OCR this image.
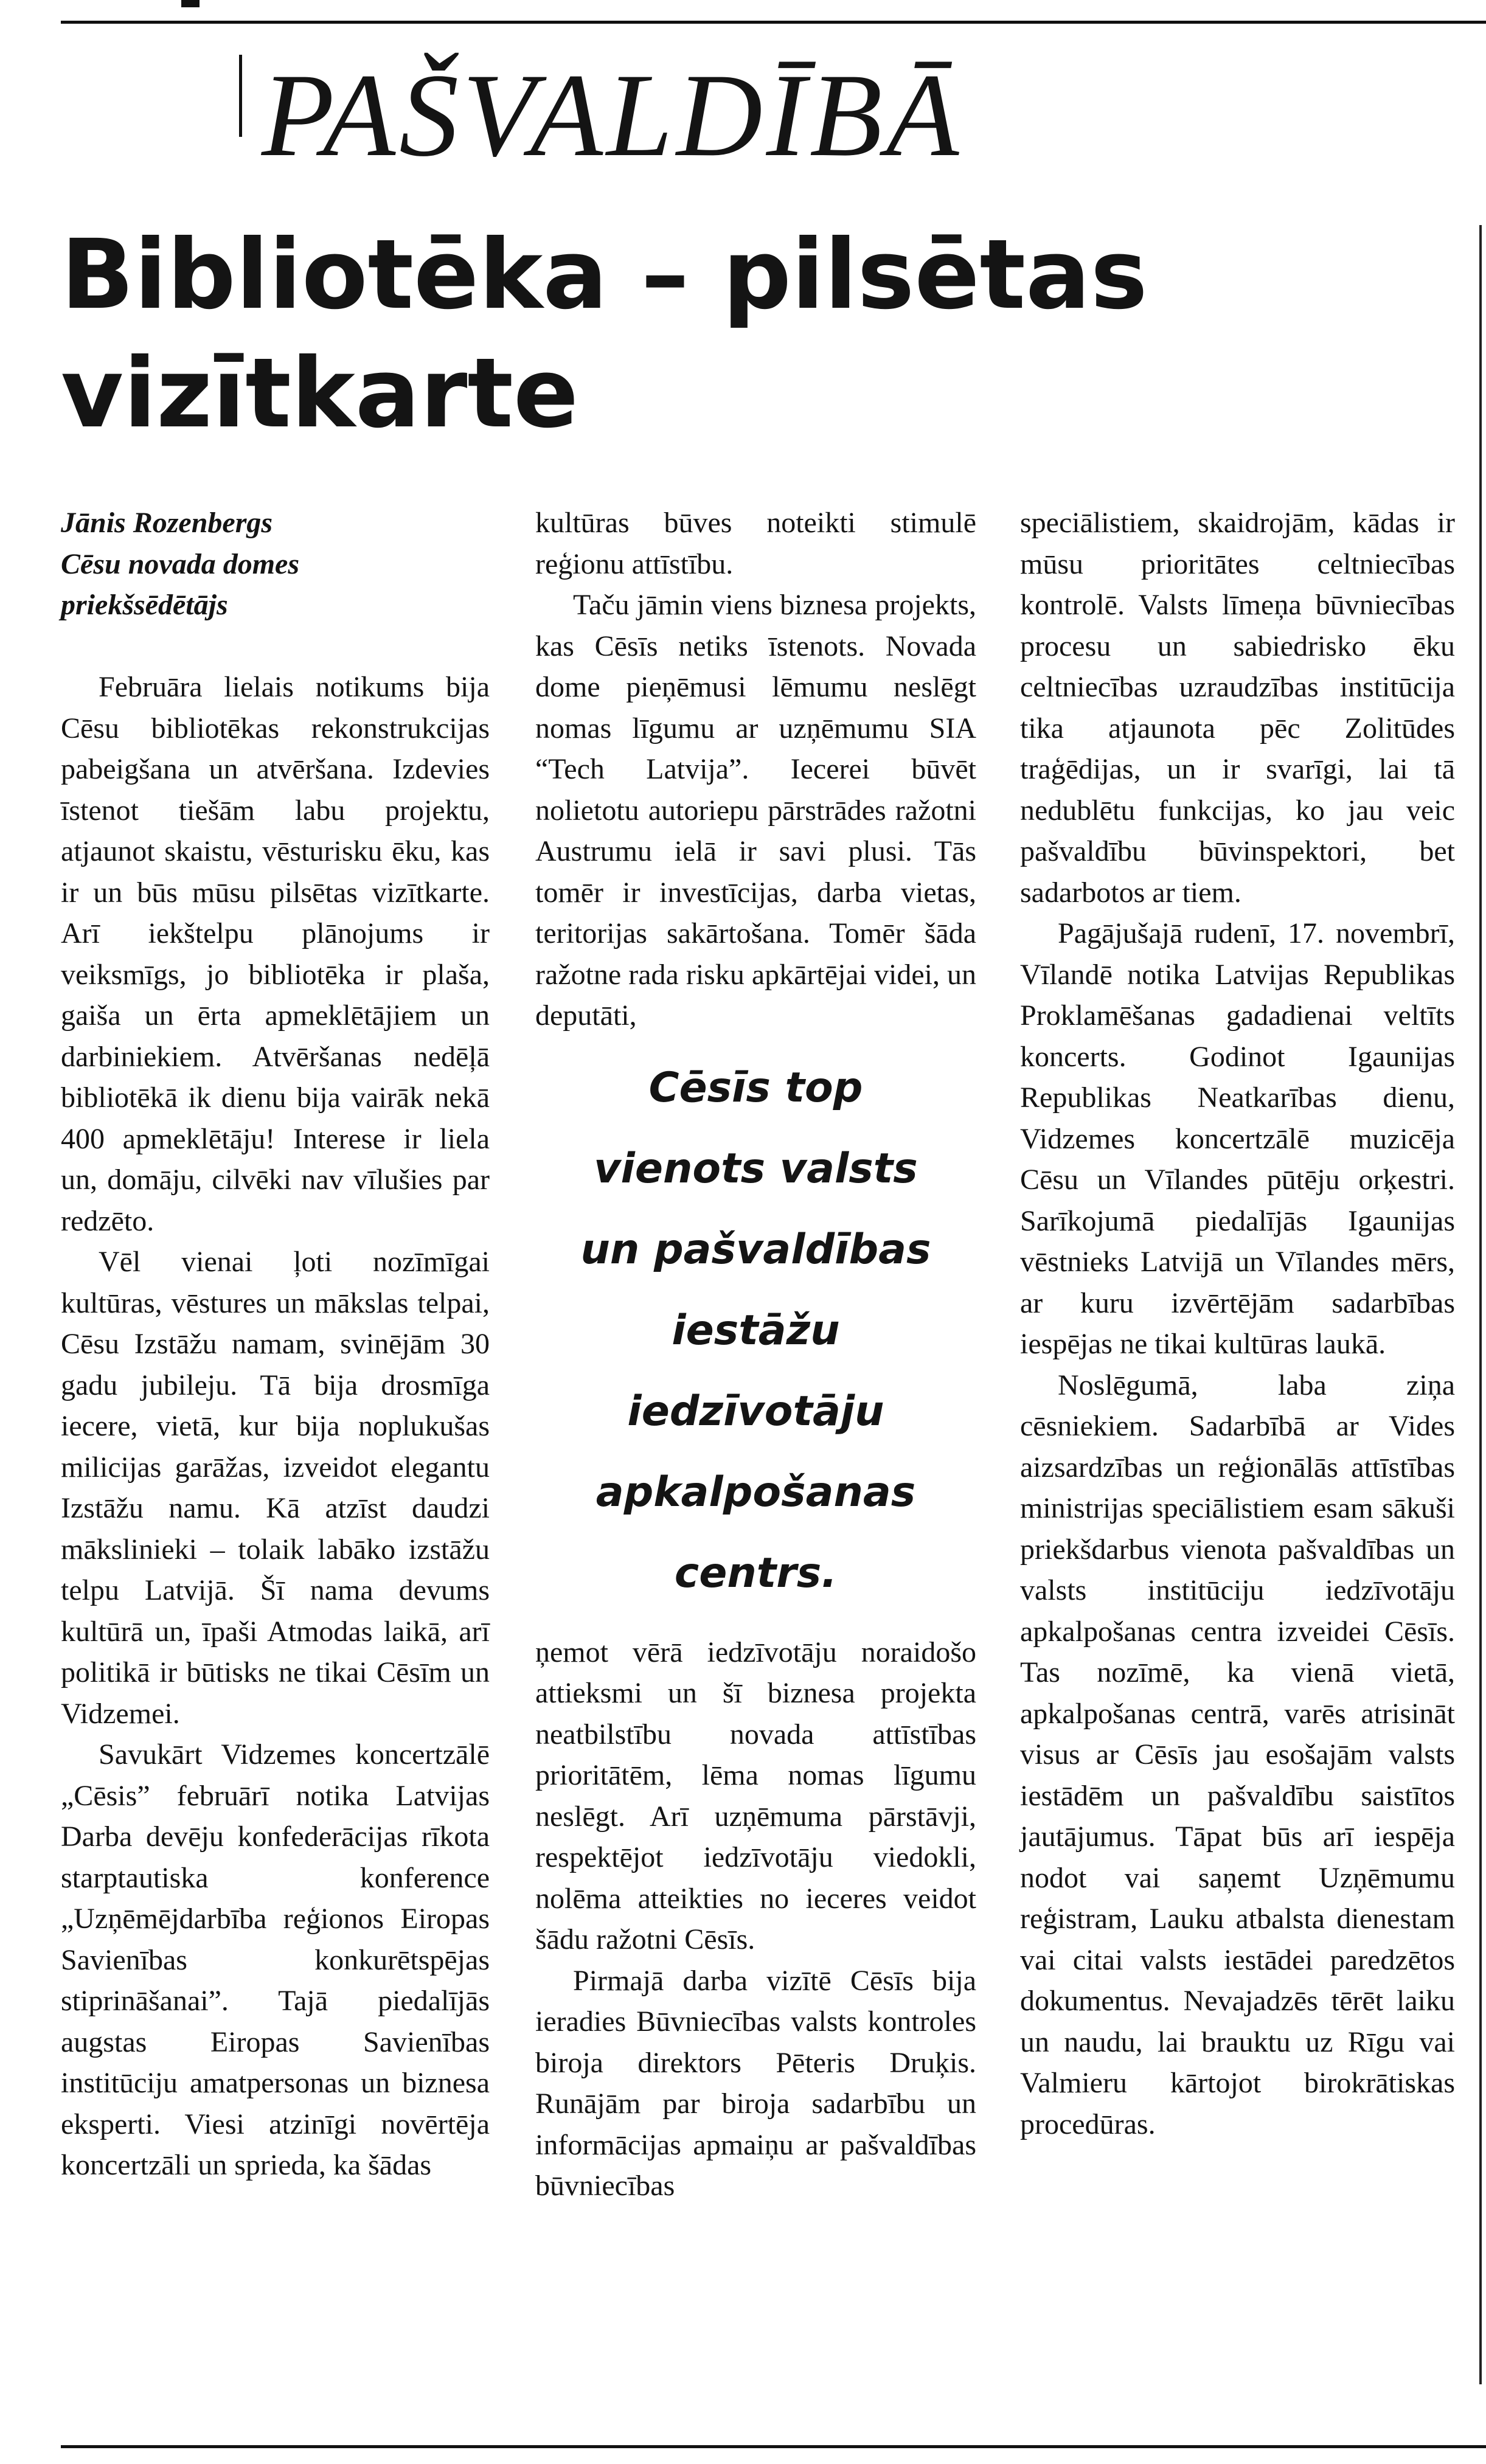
PAŠVALDĪBĀ
Bibliotēka – pilsētas
vizītkarte

Jānis Rozenbergs

Cēsu novada domes

priekšsēdētājs

Februāra lielais notikums bija Cēsu bibliotēkas rekonstrukcijas pabeigšana un atvēršana. Izdevies īstenot tiešām labu projektu, atjaunot skaistu, vēsturisku ēku, kas ir un būs mūsu pilsētas vizītkarte. Arī iekštelpu plānojums ir veiksmīgs, jo bibliotēka ir plaša, gaiša un ērta apmeklētājiem un darbiniekiem. Atvēršanas nedēļā bibliotēkā ik dienu bija vairāk nekā 400 apmeklētāju! Interese ir liela un, domāju, cilvēki nav vīlušies par redzēto.

Vēl vienai ļoti nozīmīgai kultūras, vēstures un mākslas telpai, Cēsu Izstāžu namam, svinējām 30 gadu jubileju. Tā bija drosmīga iecere, vietā, kur bija noplukušas milicijas garāžas, izveidot elegantu Izstāžu namu. Kā atzīst daudzi mākslinieki – tolaik labāko izstāžu telpu Latvijā. Šī nama devums kultūrā un, īpaši Atmodas laikā, arī politikā ir būtisks ne tikai Cēsīm un Vidzemei.

Savukārt Vidzemes koncertzālē „Cēsis” februārī notika Latvijas Darba devēju konfederācijas rīkota starptautiska konference „Uzņēmējdarbība reģionos Eiropas Savienības konkurētspējas stiprināšanai”. Tajā piedalījās augstas Eiropas Savienības institūciju amatpersonas un biznesa eksperti. Viesi atzinīgi novērtēja koncertzāli un sprieda, ka šādas

kultūras būves noteikti stimulē reģionu attīstību.

Taču jāmin viens biznesa projekts, kas Cēsīs netiks īstenots. Novada dome pieņēmusi lēmumu neslēgt nomas līgumu ar uzņēmumu SIA “Tech Latvija”. Iecerei būvēt nolietotu autoriepu pārstrādes ražotni Austrumu ielā ir savi plusi. Tās tomēr ir investīcijas, darba vietas, teritorijas sakārtošana. Tomēr šāda ražotne rada risku apkārtējai videi, un deputāti,

Cēsīs top
vienots valsts
un pašvaldības
iestāžu
iedzīvotāju
apkalpošanas
centrs.

ņemot vērā iedzīvotāju noraidošo attieksmi un šī biznesa projekta neatbilstību novada attīstības prioritātēm, lēma nomas līgumu neslēgt. Arī uzņēmuma pārstāvji, respektējot iedzīvotāju viedokli, nolēma atteikties no ieceres veidot šādu ražotni Cēsīs.

Pirmajā darba vizītē Cēsīs bija ieradies Būvniecības valsts kontroles biroja direktors Pēteris Druķis. Runājām par biroja sadarbību un informācijas apmaiņu ar pašvaldības būvniecības

speciālistiem, skaidrojām, kādas ir mūsu prioritātes celtniecības kontrolē. Valsts līmeņa būvniecības procesu un sabiedrisko ēku celtniecības uzraudzības institūcija tika atjaunota pēc Zolitūdes traģēdijas, un ir svarīgi, lai tā nedublētu funkcijas, ko jau veic pašvaldību būvinspektori, bet sadarbotos ar tiem.

Pagājušajā rudenī, 17. novembrī, Vīlandē notika Latvijas Republikas Proklamēšanas gadadienai veltīts koncerts. Godinot Igaunijas Republikas Neatkarības dienu, Vidzemes koncertzālē muzicēja Cēsu un Vīlandes pūtēju orķestri. Sarīkojumā piedalījās Igaunijas vēstnieks Latvijā un Vīlandes mērs, ar kuru izvērtējām sadarbības iespējas ne tikai kultūras laukā.

Noslēgumā, laba ziņa cēsniekiem. Sadarbībā ar Vides aizsardzības un reģionālās attīstības ministrijas speciālistiem esam sākuši priekšdarbus vienota pašvaldības un valsts institūciju iedzīvotāju apkalpošanas centra izveidei Cēsīs. Tas nozīmē, ka vienā vietā, apkalpošanas centrā, varēs atrisināt visus ar Cēsīs jau esošajām valsts iestādēm un pašvaldību saistītos jautājumus. Tāpat būs arī iespēja nodot vai saņemt Uzņēmumu reģistram, Lauku atbalsta dienestam vai citai valsts iestādei paredzētos dokumentus. Nevajadzēs tērēt laiku un naudu, lai brauktu uz Rīgu vai Valmieru kārtojot birokrātiskas procedūras.
